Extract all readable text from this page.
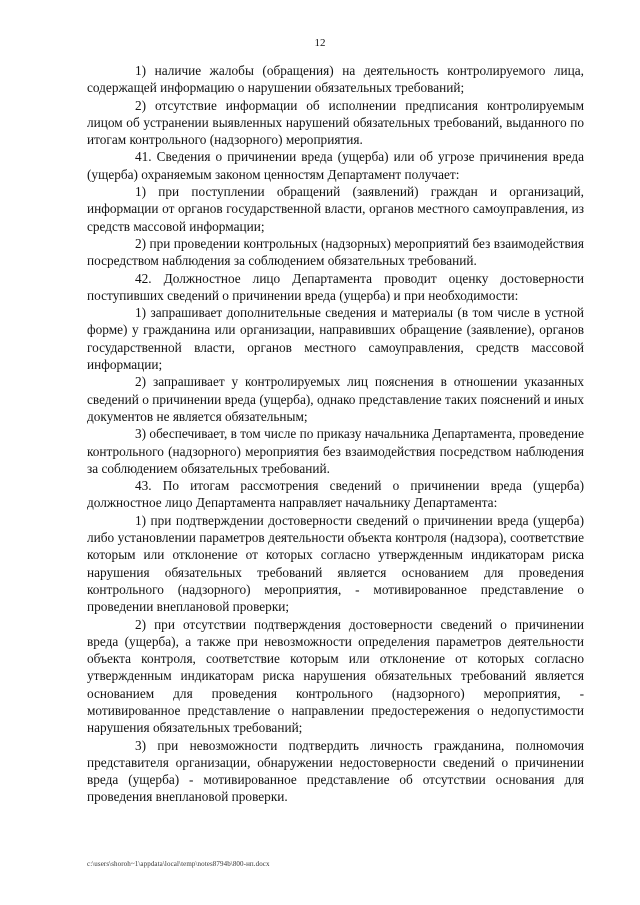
12

1) наличие жалобы (обращения) на деятельность контролируемого лица, содержащей информацию о нарушении обязательных требований;

2) отсутствие информации об исполнении предписания контролируемым лицом об устранении выявленных нарушений обязательных требований, выданного по итогам контрольного (надзорного) мероприятия.

41. Сведения о причинении вреда (ущерба) или об угрозе причинения вреда (ущерба) охраняемым законом ценностям Департамент получает:

1) при поступлении обращений (заявлений) граждан и организаций, информации от органов государственной власти, органов местного самоуправления, из средств массовой информации;

2) при проведении контрольных (надзорных) мероприятий без взаимодействия посредством наблюдения за соблюдением обязательных требований.

42. Должностное лицо Департамента проводит оценку достоверности поступивших сведений о причинении вреда (ущерба) и при необходимости:

1) запрашивает дополнительные сведения и материалы (в том числе в устной форме) у гражданина или организации, направивших обращение (заявление), органов государственной власти, органов местного самоуправления, средств массовой информации;

2) запрашивает у контролируемых лиц пояснения в отношении указанных сведений о причинении вреда (ущерба), однако представление таких пояснений и иных документов не является обязательным;

3) обеспечивает, в том числе по приказу начальника Департамента, проведение контрольного (надзорного) мероприятия без взаимодействия посредством наблюдения за соблюдением обязательных требований.

43. По итогам рассмотрения сведений о причинении вреда (ущерба) должностное лицо Департамента направляет начальнику Департамента:

1) при подтверждении достоверности сведений о причинении вреда (ущерба) либо установлении параметров деятельности объекта контроля (надзора), соответствие которым или отклонение от которых согласно утвержденным индикаторам риска нарушения обязательных требований является основанием для проведения контрольного (надзорного) мероприятия, - мотивированное представление о проведении внеплановой проверки;

2) при отсутствии подтверждения достоверности сведений о причинении вреда (ущерба), а также при невозможности определения параметров деятельности объекта контроля, соответствие которым или отклонение от которых согласно утвержденным индикаторам риска нарушения обязательных требований является основанием для проведения контрольного (надзорного) мероприятия, - мотивированное представление о направлении предостережения о недопустимости нарушения обязательных требований;

3) при невозможности подтвердить личность гражданина, полномочия представителя организации, обнаружении недостоверности сведений о причинении вреда (ущерба) - мотивированное представление об отсутствии основания для проведения внеплановой проверки.

c:\users\shoroh~1\appdata\local\temp\notes8794b\800-нп.docx
